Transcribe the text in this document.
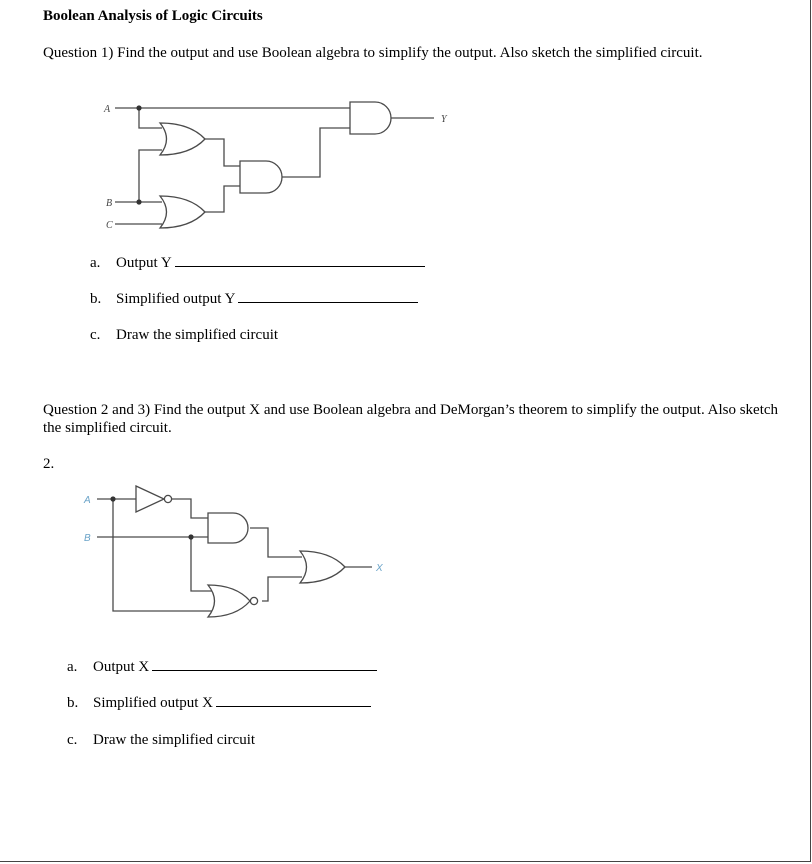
Boolean Analysis of Logic Circuits
Question 1) Find the output and use Boolean algebra to simplify the output. Also sketch the simplified circuit.
A
B
C
Y
a. Output Y
b. Simplified output Y
c. Draw the simplified circuit
Question 2 and 3) Find the output X and use Boolean algebra and DeMorgan’s theorem to simplify the output. Also sketch the simplified circuit.
2.
A
B
X
a. Output X
b. Simplified output X
c. Draw the simplified circuit
